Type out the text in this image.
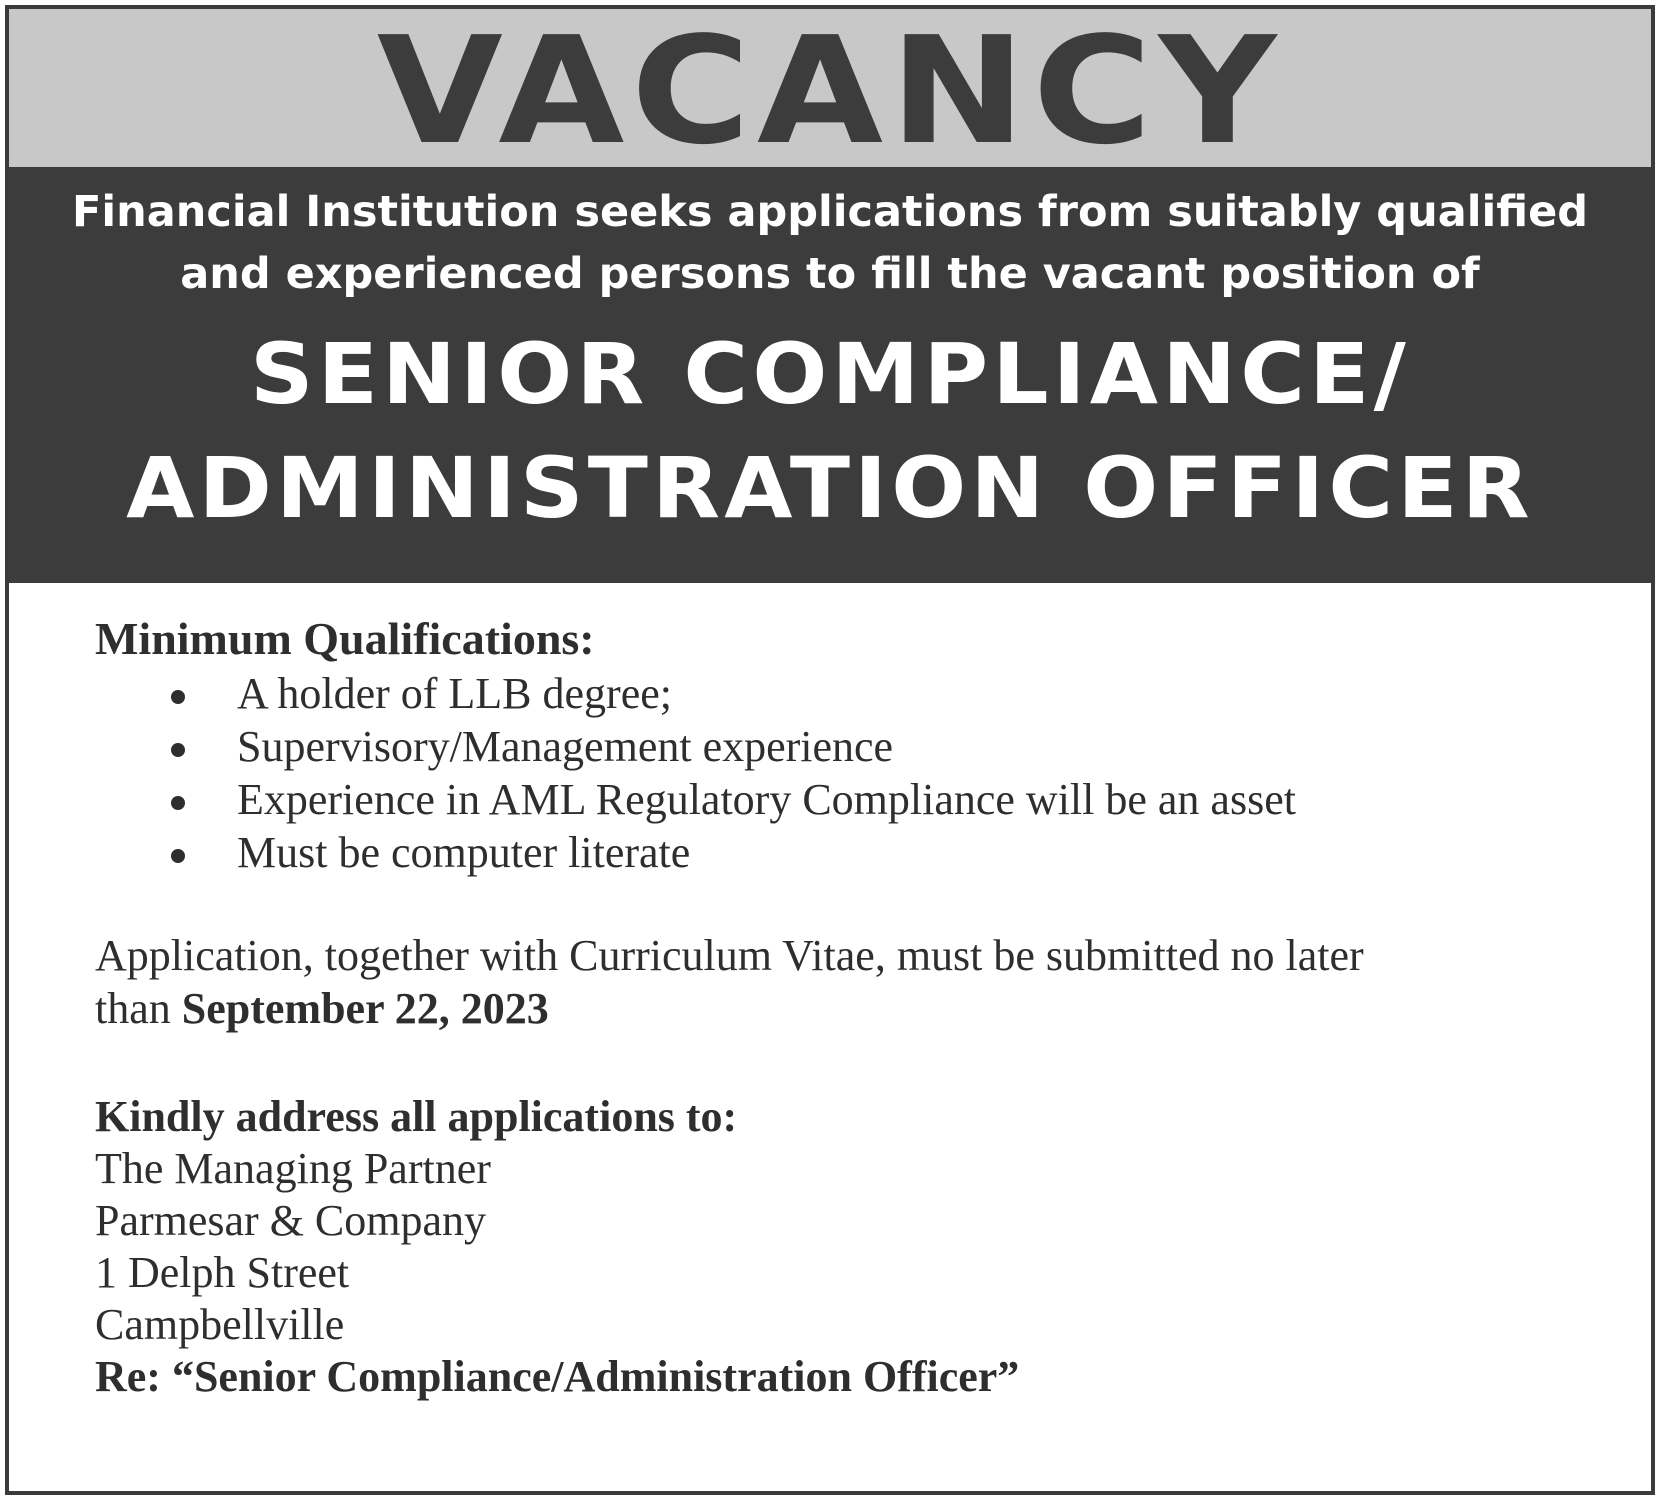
VACANCY
Financial Institution seeks applications from suitably qualified
and experienced persons to fill the vacant position of
SENIOR COMPLIANCE/
ADMINISTRATION OFFICER
Minimum Qualifications:
A holder of LLB degree;
Supervisory/Management experience
Experience in AML Regulatory Compliance will be an asset
Must be computer literate
Application, together with Curriculum Vitae, must be submitted no later
than September 22, 2023
Kindly address all applications to:
The Managing Partner
Parmesar & Company
1 Delph Street
Campbellville
Re: “Senior Compliance/Administration Officer”
